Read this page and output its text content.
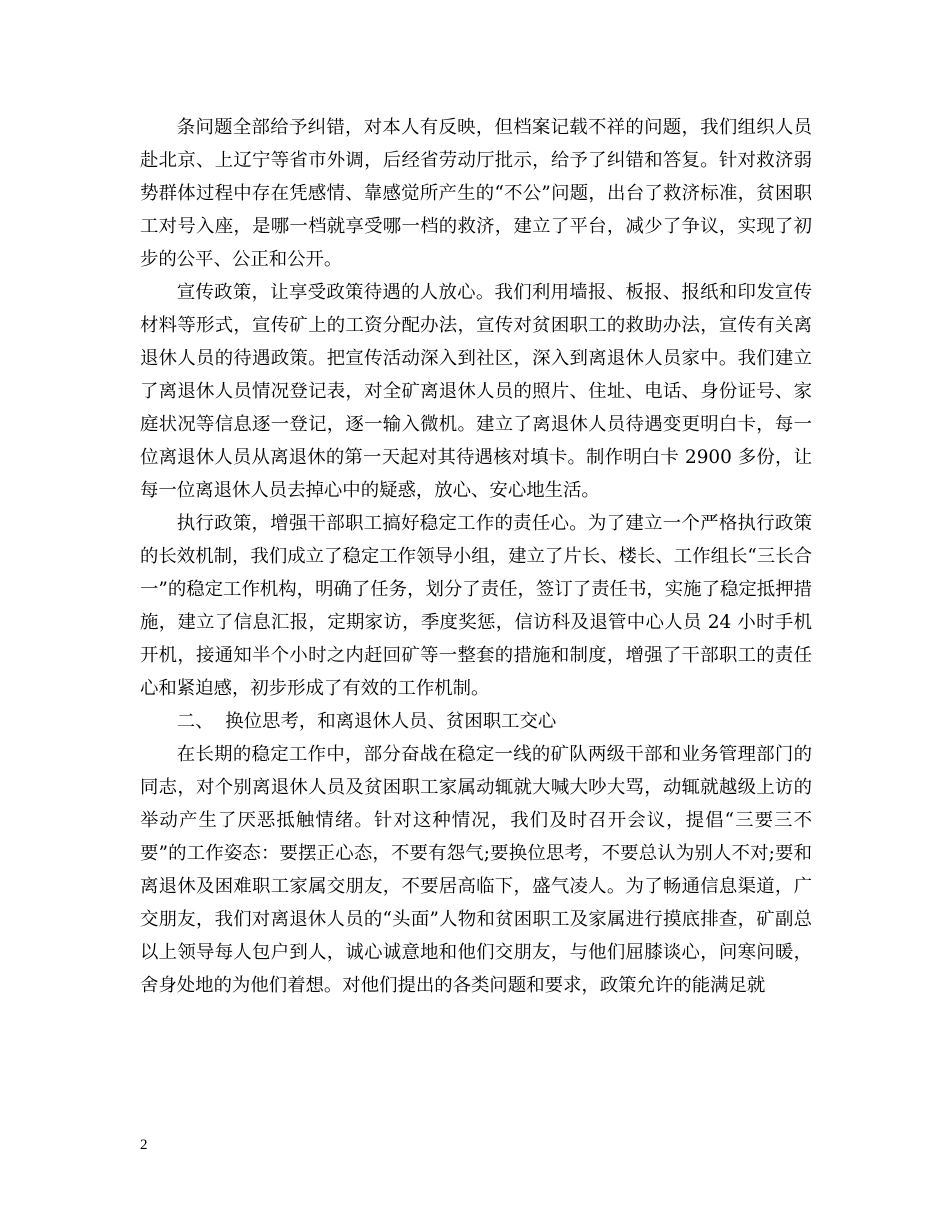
条问题全部给予纠错，对本人有反映，但档案记载不祥的问题，我们组织人员赴北京、上辽宁等省市外调，后经省劳动厅批示，给予了纠错和答复。针对救济弱势群体过程中存在凭感情、靠感觉所产生的“不公”问题，出台了救济标准，贫困职工对号入座，是哪一档就享受哪一档的救济，建立了平台，减少了争议，实现了初步的公平、公正和公开。

宣传政策，让享受政策待遇的人放心。我们利用墙报、板报、报纸和印发宣传材料等形式，宣传矿上的工资分配办法，宣传对贫困职工的救助办法，宣传有关离退休人员的待遇政策。把宣传活动深入到社区，深入到离退休人员家中。我们建立了离退休人员情况登记表，对全矿离退休人员的照片、住址、电话、身份证号、家庭状况等信息逐一登记，逐一输入微机。建立了离退休人员待遇变更明白卡，每一位离退休人员从离退休的第一天起对其待遇核对填卡。制作明白卡 2900 多份，让每一位离退休人员去掉心中的疑惑，放心、安心地生活。

执行政策，增强干部职工搞好稳定工作的责任心。为了建立一个严格执行政策的长效机制，我们成立了稳定工作领导小组，建立了片长、楼长、工作组长“三长合一”的稳定工作机构，明确了任务，划分了责任，签订了责任书，实施了稳定抵押措施，建立了信息汇报，定期家访，季度奖惩，信访科及退管中心人员 24 小时手机开机，接通知半个小时之内赶回矿等一整套的措施和制度，增强了干部职工的责任心和紧迫感，初步形成了有效的工作机制。

二、  换位思考，和离退休人员、贫困职工交心

在长期的稳定工作中，部分奋战在稳定一线的矿队两级干部和业务管理部门的同志，对个别离退休人员及贫困职工家属动辄就大喊大吵大骂，动辄就越级上访的举动产生了厌恶抵触情绪。针对这种情况，我们及时召开会议，提倡“三要三不要”的工作姿态：要摆正心态，不要有怨气;要换位思考，不要总认为别人不对;要和离退休及困难职工家属交朋友，不要居高临下，盛气凌人。为了畅通信息渠道，广交朋友，我们对离退休人员的“头面”人物和贫困职工及家属进行摸底排查，矿副总以上领导每人包户到人，诚心诚意地和他们交朋友，与他们屈膝谈心，问寒问暖，舍身处地的为他们着想。对他们提出的各类问题和要求，政策允许的能满足就

2
